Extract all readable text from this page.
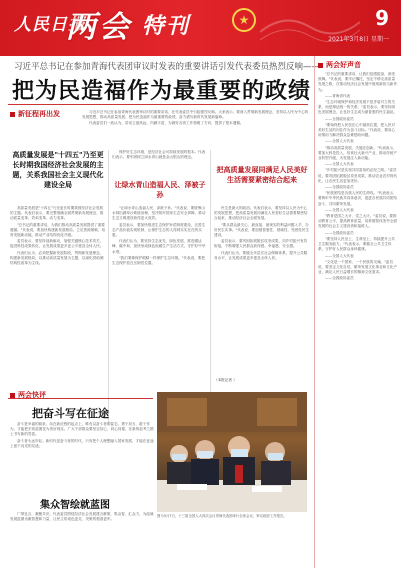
人民日报
两会 特刊	★	9
2021年3月8日 星期一
习近平总书记在参加青海代表团审议时发表的重要讲话引发代表委员热烈反响——
把为民造福作为最重要的政绩
新征程再出发	习近平总书记在参加青海代表团审议时的重要讲话，在代表委员中引起强烈反响。大家表示，要深入贯彻新发展理念，坚持以人民为中心的发展思想，推动高质量发展，把为民造福作为最重要的政绩，奋力谱写新时代发展新篇章。

代表委员们一致认为，讲话立意高远、内涵丰富，为做好各项工作指明了方向，提供了根本遵循。

高质量发展是"十四五"乃至更长时期我国经济社会发展的主题，关系我国社会主义现代化建设全局

高质量发展是"十四五"乃至更长时期我国经济社会发展的主题。代表们表示，要完整准确全面贯彻新发展理念，推动质量变革、效率变革、动力变革。

"总书记的重要讲话，为我们推动高质量发展提供了重要遵循。"代表说，要加快构建新发展格局，立足资源禀赋，培育发展新动能，推动产业结构优化升级。

委员表示，要坚持创新驱动，加强关键核心技术攻关，促进科技成果转化，让发展成果更多更公平惠及全体人民。

代表们认为，必须把握新发展阶段，贯彻新发展理念，构建新发展格局，以推动高质量发展为主题，以深化供给侧结构性改革为主线。

让绿水青山造福人民、泽被子孙

保护好生态环境，是经济社会可持续发展的根本。代表们表示，要牢固树立绿水青山就是金山银山的理念。

"让绿水青山造福人民、泽被子孙。"代表说，要统筹山水林田湖草沙系统治理，坚决筑牢国家生态安全屏障，推动生态文明建设取得更大成效。

委员表示，要加快推进生态保护补偿制度建设，完善生态产品价值实现机制，让保护生态的人得到实实在在的实惠。

代表们认为，要坚持生态优先、绿色发展，推进碳达峰、碳中和，加快形成绿色低碳生产生活方式，守护好中华水塔。

"我们要像保护眼睛一样保护生态环境。"代表说，要把生态保护放在压倒性位置。

把高质量发展同满足人民美好生活需要紧密结合起来

民生是最大的政治。代表们表示，要坚持以人民为中心的发展思想，把高质量发展同满足人民美好生活需要紧密结合起来，推动经济社会全面发展。

"要从群众最关心、最直接、最现实的利益问题入手，办好民生实事。"代表说，要加强普惠性、基础性、兜底性民生建设。

委员表示，要巩固拓展脱贫攻坚成果，同乡村振兴有效衔接，不断增强人民群众获得感、幸福感、安全感。

代表们认为，要健全多层次社会保障体系，提升公共服务水平，让发展成果更多惠及全体人民。

（本报记者 ）
两会快评
把奋斗写在征途

奋斗是幸福的源泉。站在新征程的起点上，唯有以奋斗者的姿态，勇于担当、敢于作为，才能把宏伟蓝图变为美好现实。广大干部群众要坚定信心、同心同德，在新的赶考之路上书写新的答卷。

奋斗者永远年轻。新时代是奋斗者的时代，只有把个人理想融入国家发展，才能在征途上留下闪光的足迹。

集众智绘就蓝图

广纳良言，凝聚共识。代表委员围绕经济社会发展建言献策，集众智、汇众力，为绘就发展蓝图贡献智慧和力量，让民主的成色更足、决策的根基更牢。

图为3月7日，十三届全国人大四次会议青海代表团举行全体会议，审议政府工作报告。
两会好声音

"总书记的重要讲话，让我们倍感振奋、深受鼓舞。"代表说，要牢记嘱托，坚定不移走高质量发展之路，在推动经济社会发展中展现新担当新作为。

——青海省代表

"生态环境保护和经济发展不是矛盾对立的关系，而是辩证统一的关系。"委员表示，要坚持绿色发展理念，让良好生态成为最普惠的民生福祉。

——全国政协委员

"要始终把人民放在心中最高位置，把人民对美好生活的向往作为奋斗目标。"代表说，要用心用情用力解决群众急难愁盼问题。

——全国人大代表

"推动高质量发展，关键在创新。"代表表示，要加大科技投入，培育壮大新兴产业，推动传统产业转型升级，为发展注入新动能。

——全国人大代表

"乡村振兴是实现共同富裕的必经之路。"委员说，要巩固拓展脱贫攻坚成果，推动农业农村现代化，让农民生活更加美好。

——全国政协委员

"民族团结是各族人民的生命线。"代表表示，要铸牢中华民族共同体意识，促进各民族共同团结奋斗、共同繁荣发展。

——全国人大代表

"教育是国之大计、党之大计。"委员说，要推动教育公平，提高教育质量，培养德智体美劳全面发展的社会主义建设者和接班人。

——全国政协委员

"要坚持人民至上、生命至上，持续提升公共卫生服务能力。"代表表示，要健全公共卫生体系，守护好人民群众身体健康。

——全国人大代表

"文化是一个国家、一个民族的灵魂。"委员说，要坚定文化自信，繁荣发展文化事业和文化产业，满足人民日益增长的精神文化需求。

——全国政协委员
